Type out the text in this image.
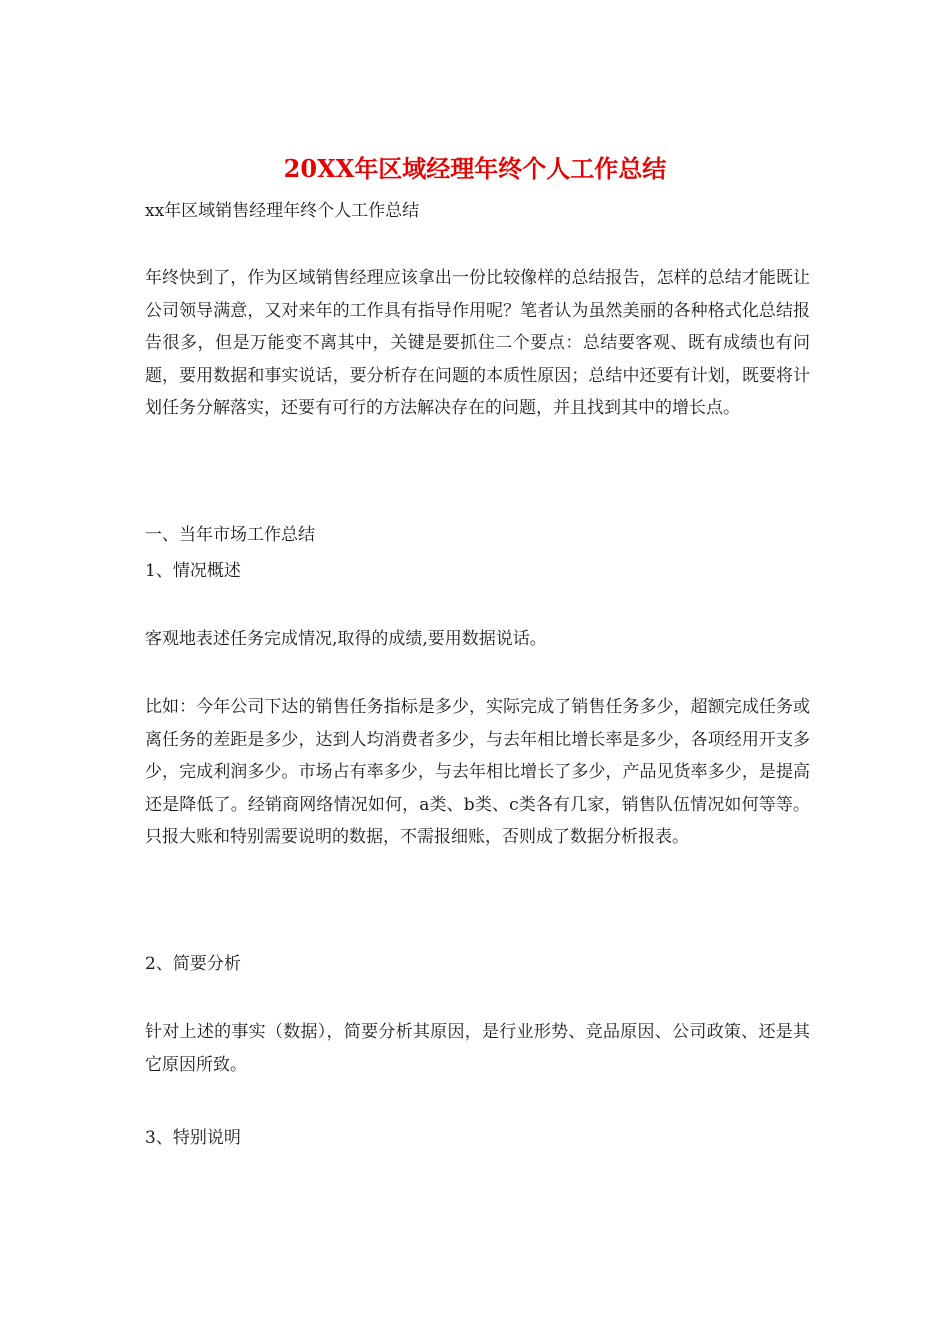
20XX年区域经理年终个人工作总结
xx年区域销售经理年终个人工作总结
年终快到了，作为区域销售经理应该拿出一份比较像样的总结报告，怎样的总结才能既让公司领导满意，又对来年的工作具有指导作用呢？笔者认为虽然美丽的各种格式化总结报告很多，但是万能变不离其中，关键是要抓住二个要点：总结要客观、既有成绩也有问题，要用数据和事实说话，要分析存在问题的本质性原因；总结中还要有计划，既要将计划任务分解落实，还要有可行的方法解决存在的问题，并且找到其中的增长点。
一、当年市场工作总结
1、情况概述
客观地表述任务完成情况,取得的成绩,要用数据说话。
比如：今年公司下达的销售任务指标是多少，实际完成了销售任务多少，超额完成任务或离任务的差距是多少，达到人均消费者多少，与去年相比增长率是多少，各项经用开支多少，完成利润多少。市场占有率多少，与去年相比增长了多少，产品见货率多少，是提高还是降低了。经销商网络情况如何，a类、b类、c类各有几家，销售队伍情况如何等等。只报大账和特别需要说明的数据，不需报细账，否则成了数据分析报表。
2、简要分析
针对上述的事实（数据），简要分析其原因，是行业形势、竞品原因、公司政策、还是其它原因所致。
3、特别说明
